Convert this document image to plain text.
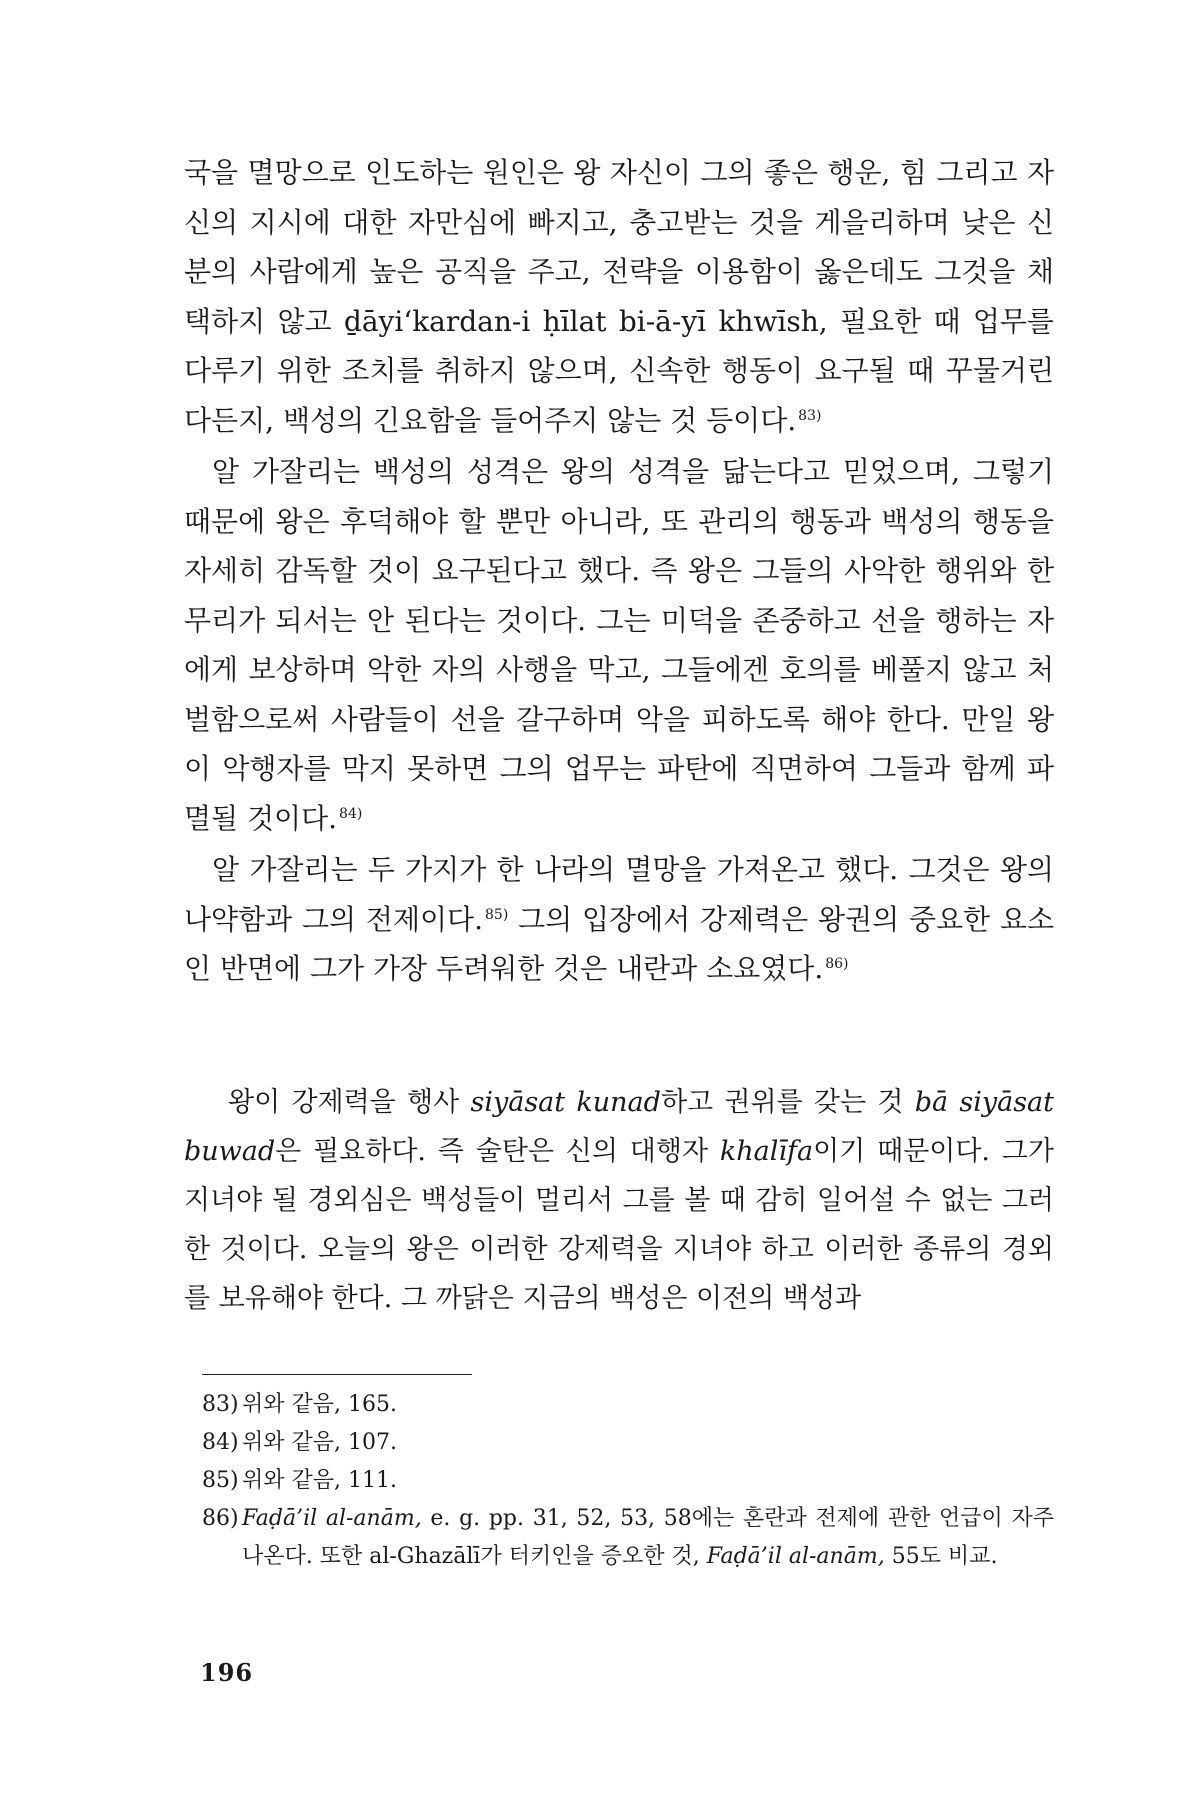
국을 멸망으로 인도하는 원인은 왕 자신이 그의 좋은 행운, 힘 그리고 자신의 지시에 대한 자만심에 빠지고, 충고받는 것을 게을리하며 낮은 신분의 사람에게 높은 공직을 주고, 전략을 이용함이 옳은데도 그것을 채택하지 않고 ḏāyi‘kardan-i ḥīlat bi-ā-yī khwīsh, 필요한 때 업무를 다루기 위한 조치를 취하지 않으며, 신속한 행동이 요구될 때 꾸물거린다든지, 백성의 긴요함을 들어주지 않는 것 등이다. $^{83)}$

알 가잘리는 백성의 성격은 왕의 성격을 닮는다고 믿었으며, 그렇기 때문에 왕은 후덕해야 할 뿐만 아니라, 또 관리의 행동과 백성의 행동을 자세히 감독할 것이 요구된다고 했다. 즉 왕은 그들의 사악한 행위와 한무리가 되서는 안 된다는 것이다. 그는 미덕을 존중하고 선을 행하는 자에게 보상하며 악한 자의 사행을 막고, 그들에겐 호의를 베풀지 않고 처벌함으로써 사람들이 선을 갈구하며 악을 피하도록 해야 한다. 만일 왕이 악행자를 막지 못하면 그의 업무는 파탄에 직면하여 그들과 함께 파멸될 것이다. $^{84)}$

알 가잘리는 두 가지가 한 나라의 멸망을 가져온고 했다. 그것은 왕의 나약함과 그의 전제이다. $^{85)}$ 그의 입장에서 강제력은 왕권의 중요한 요소인 반면에 그가 가장 두려워한 것은 내란과 소요였다. $^{86)}$

왕이 강제력을 행사 siyāsat kunad하고 권위를 갖는 것 bā siyāsat buwad은 필요하다. 즉 술탄은 신의 대행자 khalīfa이기 때문이다. 그가 지녀야 될 경외심은 백성들이 멀리서 그를 볼 때 감히 일어설 수 없는 그러한 것이다. 오늘의 왕은 이러한 강제력을 지녀야 하고 이러한 종류의 경외를 보유해야 한다. 그 까닭은 지금의 백성은 이전의 백성과

83) 위와 같음, 165.

84) 위와 같음, 107.

85) 위와 같음, 111.

86) Faḍā’il al-anām, e. g. pp. 31, 52, 53, 58에는 혼란과 전제에 관한 언급이 자주 나온다. 또한 al-Ghazālī가 터키인을 증오한 것, Faḍā’il al-anām, 55도 비교.

196
